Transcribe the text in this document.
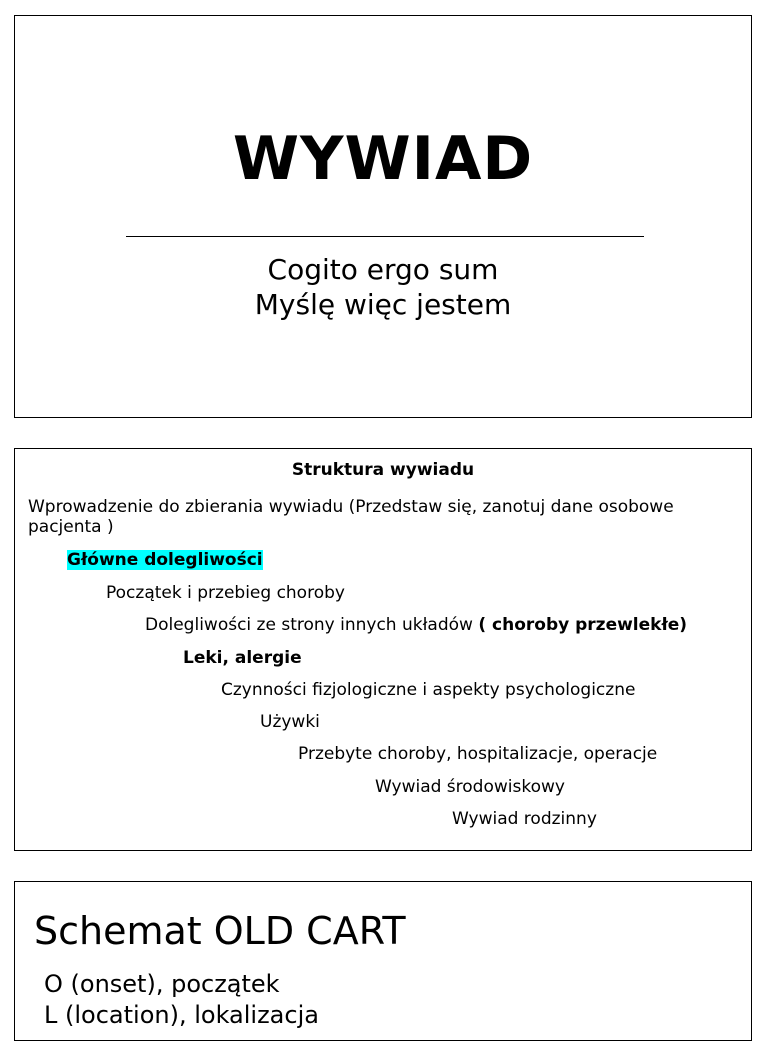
WYWIAD
Cogito ergo sum
Myślę więc jestem
Struktura wywiadu
Wprowadzenie do zbierania wywiadu (Przedstaw się, zanotuj dane osobowe pacjenta )
Główne dolegliwości
Początek i przebieg choroby
Dolegliwości ze strony innych układów ( choroby przewlekłe)
Leki, alergie
Czynności fizjologiczne i aspekty psychologiczne
Używki
Przebyte choroby, hospitalizacje, operacje
Wywiad środowiskowy
Wywiad rodzinny
Schemat OLD CART
O (onset), początek
L (location), lokalizacja
